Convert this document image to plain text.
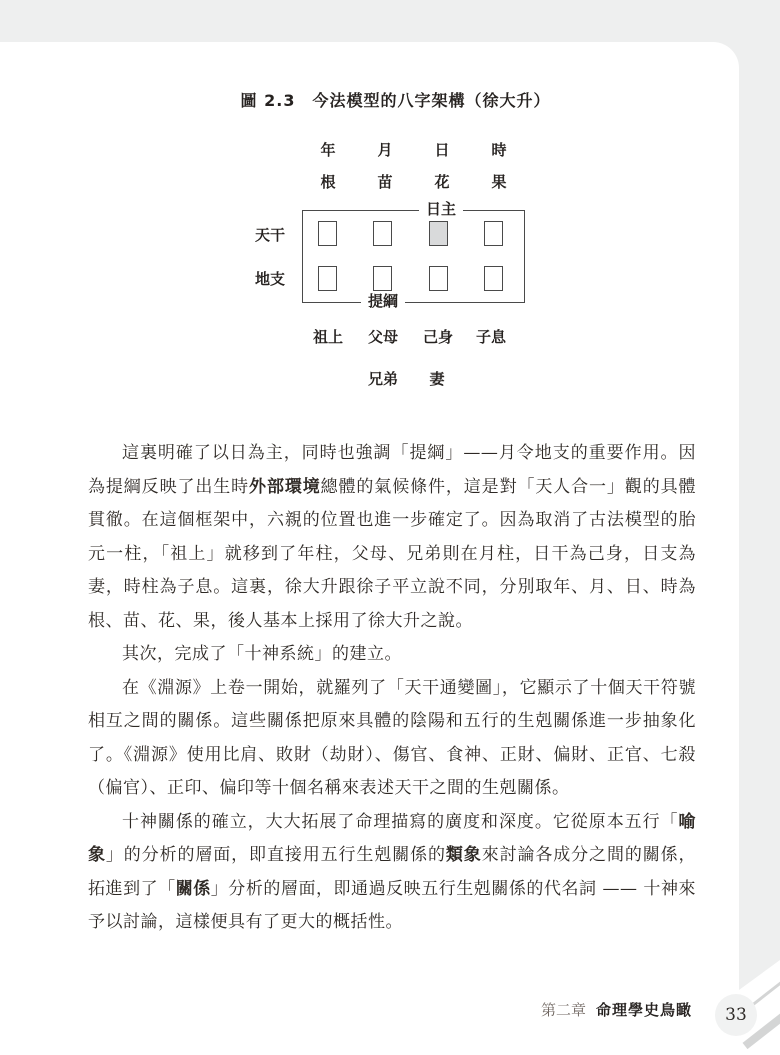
圖 2.3　今法模型的八字架構（徐大升）
年	月	日	時
根	苗	花	果
日主
提綱
天干
地支
祖上 父母 己身 子息
兄弟 妻

這裏明確了以日為主，同時也強調「提綱」——月令地支的重要作用。因為提綱反映了出生時外部環境總體的氣候條件，這是對「天人合一」觀的具體貫徹。在這個框架中，六親的位置也進一步確定了。因為取消了古法模型的胎元一柱，「祖上」就移到了年柱，父母、兄弟則在月柱，日干為己身，日支為妻，時柱為子息。這裏，徐大升跟徐子平立說不同，分別取年、月、日、時為根、苗、花、果，後人基本上採用了徐大升之說。

其次，完成了「十神系統」的建立。

在《淵源》上卷一開始，就羅列了「天干通變圖」，它顯示了十個天干符號相互之間的關係。這些關係把原來具體的陰陽和五行的生剋關係進一步抽象化了。《淵源》使用比肩、敗財（劫財）、傷官、食神、正財、偏財、正官、七殺（偏官）、正印、偏印等十個名稱來表述天干之間的生剋關係。

十神關係的確立，大大拓展了命理描寫的廣度和深度。它從原本五行「喻象」的分析的層面，即直接用五行生剋關係的類象來討論各成分之間的關係，拓進到了「關係」分析的層面，即通過反映五行生剋關係的代名詞 —— 十神來予以討論，這樣便具有了更大的概括性。

第二章 命理學史鳥瞰 33
